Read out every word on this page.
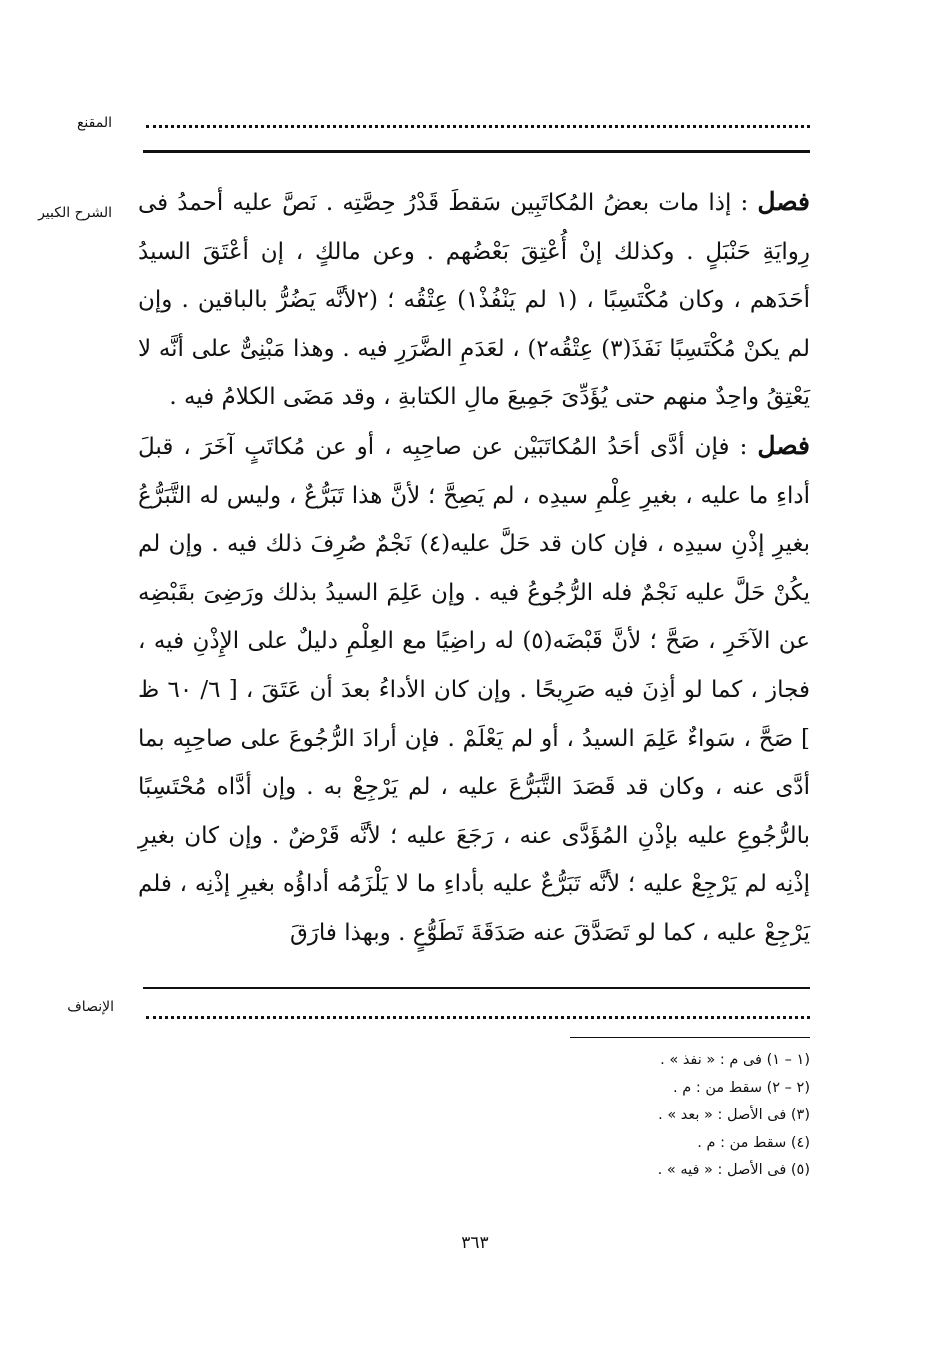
المقنع
الشرح الكبير	فصل : إذا مات بعضُ المُكاتَبِين سَقطَ قَدْرُ حِصَّتِه . نَصَّ عليه أحمدُ فى رِوايَةِ حَنْبَلٍ . وكذلك إنْ أُعْتِقَ بَعْضُهم . وعن مالكٍ ، إن أعْتَقَ السيدُ أحَدَهم ، وكان مُكْتَسِبًا ، (١ لم يَنْفُذْ١) عِتْقُه ؛ (٢لأنَّه يَضُرُّ بالباقين . وإن لم يكنْ مُكْتَسِبًا نَفَذَ(٣) عِتْقُه٢) ، لعَدَمِ الضَّرَرِ فيه . وهذا مَبْنِىٌّ على أنَّه لا يَعْتِقُ واحِدٌ منهم حتى يُؤَدِّىَ جَمِيعَ مالِ الكتابةِ ، وقد مَضَى الكلامُ فيه .

فصل : فإن أدَّى أحَدُ المُكاتَبَيْن عن صاحِبِه ، أو عن مُكاتَبٍ آخَرَ ، قبلَ أداءِ ما عليه ، بغيرِ عِلْمِ سيدِه ، لم يَصِحَّ ؛ لأنَّ هذا تَبَرُّعٌ ، وليس له التَّبَرُّعُ بغيرِ إذْنِ سيدِه ، فإن كان قد حَلَّ عليه(٤) نَجْمٌ صُرِفَ ذلك فيه . وإن لم يكُنْ حَلَّ عليه نَجْمٌ فله الرُّجُوعُ فيه . وإن عَلِمَ السيدُ بذلك ورَضِىَ بقَبْضِه عن الآخَرِ ، صَحَّ ؛ لأنَّ قَبْضَه(٥) له راضِيًا مع العِلْمِ دليلٌ على الإِذْنِ فيه ، فجاز ، كما لو أذِنَ فيه صَرِيحًا . وإن كان الأداءُ بعدَ أن عَتَقَ ، [ ٦/ ٦٠ ظ ] صَحَّ ، سَواءٌ عَلِمَ السيدُ ، أو لم يَعْلَمْ . فإن أرادَ الرُّجُوعَ على صاحِبِه بما أدَّى عنه ، وكان قد قَصَدَ التَّبَرُّعَ عليه ، لم يَرْجِعْ به . وإن أدَّاه مُحْتَسِبًا بالرُّجُوعِ عليه بإذْنِ المُؤَدَّى عنه ، رَجَعَ عليه ؛ لأنَّه قَرْضٌ . وإن كان بغيرِ إذْنِه لم يَرْجِعْ عليه ؛ لأنَّه تَبَرُّعٌ عليه بأداءِ ما لا يَلْزَمُه أداؤُه بغيرِ إذْنِه ، فلم يَرْجِعْ عليه ، كما لو تَصَدَّقَ عنه صَدَقَةَ تَطَوُّعٍ . وبهذا فارَقَ

الإنصاف

(١ – ١) فى م : « نفذ » .

(٢ – ٢) سقط من : م .

(٣) فى الأصل : « بعد » .

(٤) سقط من : م .

(٥) فى الأصل : « فيه » .

٣٦٣
